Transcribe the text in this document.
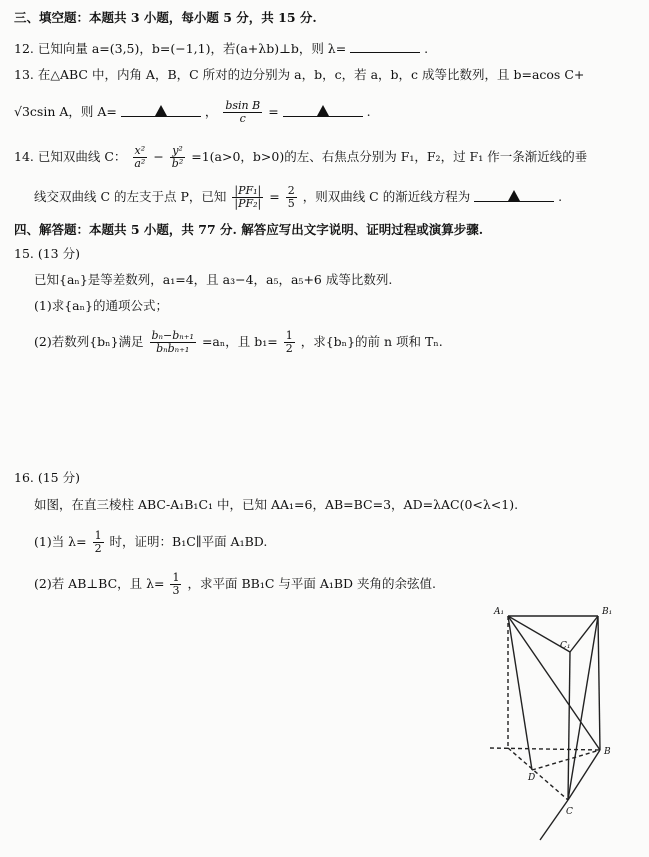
三、填空题：本题共 3 小题，每小题 5 分，共 15 分.
12. 已知向量 a=(3,5)，b=(−1,1)，若(a+λb)⊥b，则 λ=	.
13. 在△ABC 中，内角 A，B，C 所对的边分别为 a，b，c，若 a，b，c 成等比数列，且 b=acos C+
√3csin A，则 A=	， $\frac{\text{bsin B}}{c}$ =	.
14. 已知双曲线 C： $\frac{\text{x²}}{\text{a²}} - \frac{\text{y²}}{\text{b²}} =1(a>0$，b>0)的左、右焦点分别为 F₁，F₂，过 F₁ 作一条渐近线的垂
线交双曲线 C 的左支于点 P，已知 $\frac{\text{|PF₁|}}{\text{|PF₂|}} = \frac{2}{5}$ ，则双曲线 C 的渐近线方程为	.
四、解答题：本题共 5 小题，共 77 分. 解答应写出文字说明、证明过程或演算步骤.
15. (13 分)
已知{aₙ}是等差数列，a₁=4，且 a₃−4，a₅，a₅+6 成等比数列.
(1)求{aₙ}的通项公式；
(2)若数列{bₙ}满足 $\frac{\text{bₙ−bₙ₊₁}}{\text{bₙbₙ₊₁}} =a_n$，且 $b_1= \frac{1}{2}$ ，求{bₙ}的前 n 项和 Tₙ.
16. (15 分)
如图，在直三棱柱 ABC-A₁B₁C₁ 中，已知 AA₁=6，AB=BC=3，AD=λAC(0<λ<1).
(1)当 $\lambda= \frac{1}{2}$ 时，证明：B₁C∥平面 A₁BD.
(2)若 AB⊥BC，且 $\lambda= \frac{1}{3}$ ，求平面 BB₁C 与平面 A₁BD 夹角的余弦值.
A₁	B₁
C₁
B
C
D
